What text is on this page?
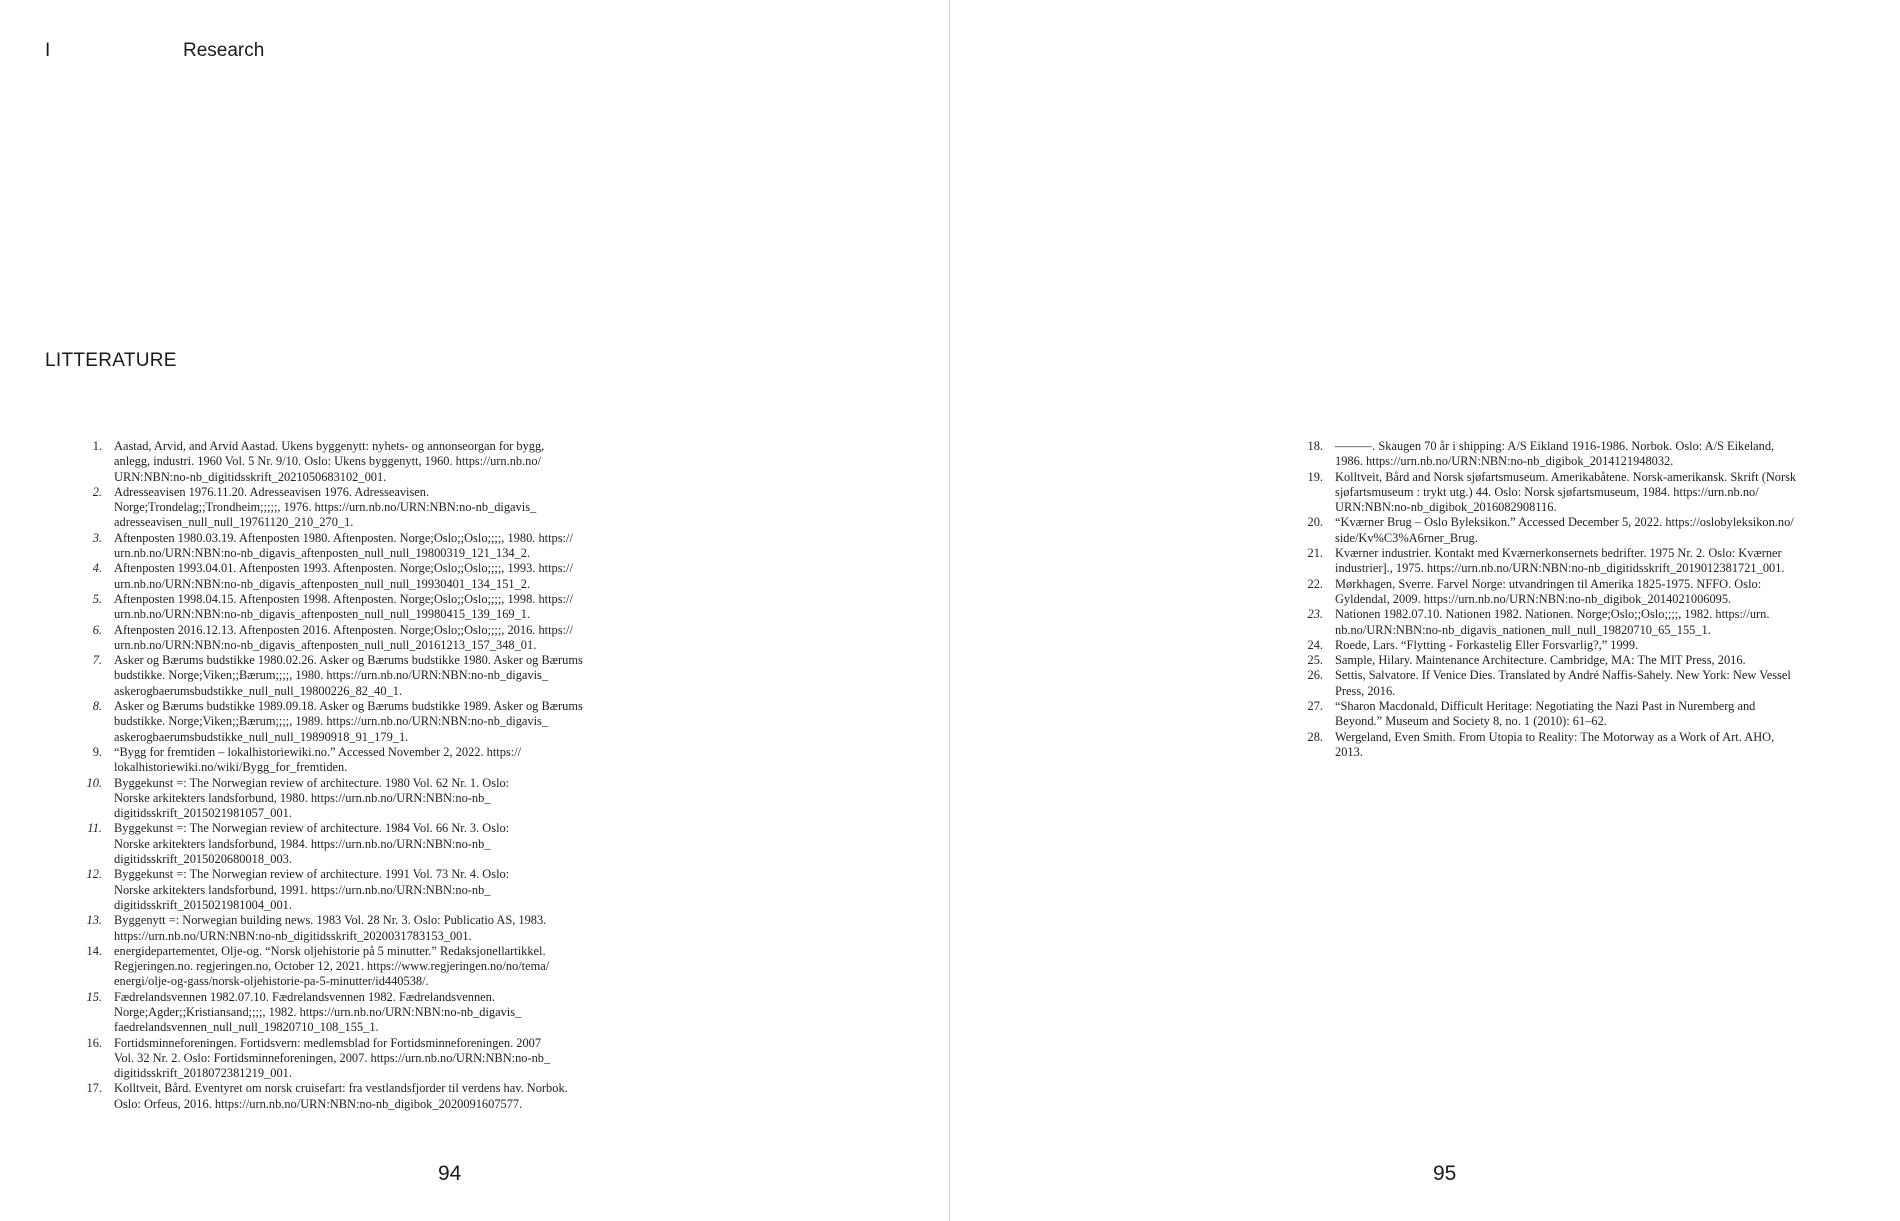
I	Research
LITTERATURE
1. Aastad, Arvid, and Arvid Aastad. Ukens byggenytt: nyhets- og annonseorgan for bygg,
anlegg, industri. 1960 Vol. 5 Nr. 9/10. Oslo: Ukens byggenytt, 1960. https://urn.nb.no/
URN:NBN:no-nb_digitidsskrift_2021050683102_001.
2. Adresseavisen 1976.11.20. Adresseavisen 1976. Adresseavisen.
Norge;Trondelag;;Trondheim;;;;;, 1976. https://urn.nb.no/URN:NBN:no-nb_digavis_
adresseavisen_null_null_19761120_210_270_1.
3. Aftenposten 1980.03.19. Aftenposten 1980. Aftenposten. Norge;Oslo;;Oslo;;;;, 1980. https://
urn.nb.no/URN:NBN:no-nb_digavis_aftenposten_null_null_19800319_121_134_2.
4. Aftenposten 1993.04.01. Aftenposten 1993. Aftenposten. Norge;Oslo;;Oslo;;;;, 1993. https://
urn.nb.no/URN:NBN:no-nb_digavis_aftenposten_null_null_19930401_134_151_2.
5. Aftenposten 1998.04.15. Aftenposten 1998. Aftenposten. Norge;Oslo;;Oslo;;;;, 1998. https://
urn.nb.no/URN:NBN:no-nb_digavis_aftenposten_null_null_19980415_139_169_1.
6. Aftenposten 2016.12.13. Aftenposten 2016. Aftenposten. Norge;Oslo;;Oslo;;;;, 2016. https://
urn.nb.no/URN:NBN:no-nb_digavis_aftenposten_null_null_20161213_157_348_01.
7. Asker og Bærums budstikke 1980.02.26. Asker og Bærums budstikke 1980. Asker og Bærums
budstikke. Norge;Viken;;Bærum;;;;, 1980. https://urn.nb.no/URN:NBN:no-nb_digavis_
askerogbaerumsbudstikke_null_null_19800226_82_40_1.
8. Asker og Bærums budstikke 1989.09.18. Asker og Bærums budstikke 1989. Asker og Bærums
budstikke. Norge;Viken;;Bærum;;;;, 1989. https://urn.nb.no/URN:NBN:no-nb_digavis_
askerogbaerumsbudstikke_null_null_19890918_91_179_1.
9. “Bygg for fremtiden – lokalhistoriewiki.no.” Accessed November 2, 2022. https://
lokalhistoriewiki.no/wiki/Bygg_for_fremtiden.
10. Byggekunst =: The Norwegian review of architecture. 1980 Vol. 62 Nr. 1. Oslo:
Norske arkitekters landsforbund, 1980. https://urn.nb.no/URN:NBN:no-nb_
digitidsskrift_2015021981057_001.
11. Byggekunst =: The Norwegian review of architecture. 1984 Vol. 66 Nr. 3. Oslo:
Norske arkitekters landsforbund, 1984. https://urn.nb.no/URN:NBN:no-nb_
digitidsskrift_2015020680018_003.
12. Byggekunst =: The Norwegian review of architecture. 1991 Vol. 73 Nr. 4. Oslo:
Norske arkitekters landsforbund, 1991. https://urn.nb.no/URN:NBN:no-nb_
digitidsskrift_2015021981004_001.
13. Byggenytt =: Norwegian building news. 1983 Vol. 28 Nr. 3. Oslo: Publicatio AS, 1983.
https://urn.nb.no/URN:NBN:no-nb_digitidsskrift_2020031783153_001.
14. energidepartementet, Olje-og. “Norsk oljehistorie på 5 minutter.” Redaksjonellartikkel.
Regjeringen.no. regjeringen.no, October 12, 2021. https://www.regjeringen.no/no/tema/
energi/olje-og-gass/norsk-oljehistorie-pa-5-minutter/id440538/.
15. Fædrelandsvennen 1982.07.10. Fædrelandsvennen 1982. Fædrelandsvennen.
Norge;Agder;;Kristiansand;;;;, 1982. https://urn.nb.no/URN:NBN:no-nb_digavis_
faedrelandsvennen_null_null_19820710_108_155_1.
16. Fortidsminneforeningen. Fortidsvern: medlemsblad for Fortidsminneforeningen. 2007
Vol. 32 Nr. 2. Oslo: Fortidsminneforeningen, 2007. https://urn.nb.no/URN:NBN:no-nb_
digitidsskrift_2018072381219_001.
17. Kolltveit, Bård. Eventyret om norsk cruisefart: fra vestlandsfjorder til verdens hav. Norbok.
Oslo: Orfeus, 2016. https://urn.nb.no/URN:NBN:no-nb_digibok_2020091607577.
94
18. ———. Skaugen 70 år i shipping: A/S Eikland 1916-1986. Norbok. Oslo: A/S Eikeland,
1986. https://urn.nb.no/URN:NBN:no-nb_digibok_2014121948032.
19. Kolltveit, Bård and Norsk sjøfartsmuseum. Amerikabåtene. Norsk-amerikansk. Skrift (Norsk
sjøfartsmuseum : trykt utg.) 44. Oslo: Norsk sjøfartsmuseum, 1984. https://urn.nb.no/
URN:NBN:no-nb_digibok_2016082908116.
20. “Kværner Brug – Oslo Byleksikon.” Accessed December 5, 2022. https://oslobyleksikon.no/
side/Kv%C3%A6rner_Brug.
21. Kværner industrier. Kontakt med Kværnerkonsernets bedrifter. 1975 Nr. 2. Oslo: Kværner
industrier]., 1975. https://urn.nb.no/URN:NBN:no-nb_digitidsskrift_2019012381721_001.
22. Mørkhagen, Sverre. Farvel Norge: utvandringen til Amerika 1825-1975. NFFO. Oslo:
Gyldendal, 2009. https://urn.nb.no/URN:NBN:no-nb_digibok_2014021006095.
23. Nationen 1982.07.10. Nationen 1982. Nationen. Norge;Oslo;;Oslo;;;;, 1982. https://urn.
nb.no/URN:NBN:no-nb_digavis_nationen_null_null_19820710_65_155_1.
24. Roede, Lars. “Flytting - Forkastelig Eller Forsvarlig?,” 1999.
25. Sample, Hilary. Maintenance Architecture. Cambridge, MA: The MIT Press, 2016.
26. Settis, Salvatore. If Venice Dies. Translated by André Naffis-Sahely. New York: New Vessel
Press, 2016.
27. “Sharon Macdonald, Difficult Heritage: Negotiating the Nazi Past in Nuremberg and
Beyond.” Museum and Society 8, no. 1 (2010): 61–62.
28. Wergeland, Even Smith. From Utopia to Reality: The Motorway as a Work of Art. AHO,
2013.
95
